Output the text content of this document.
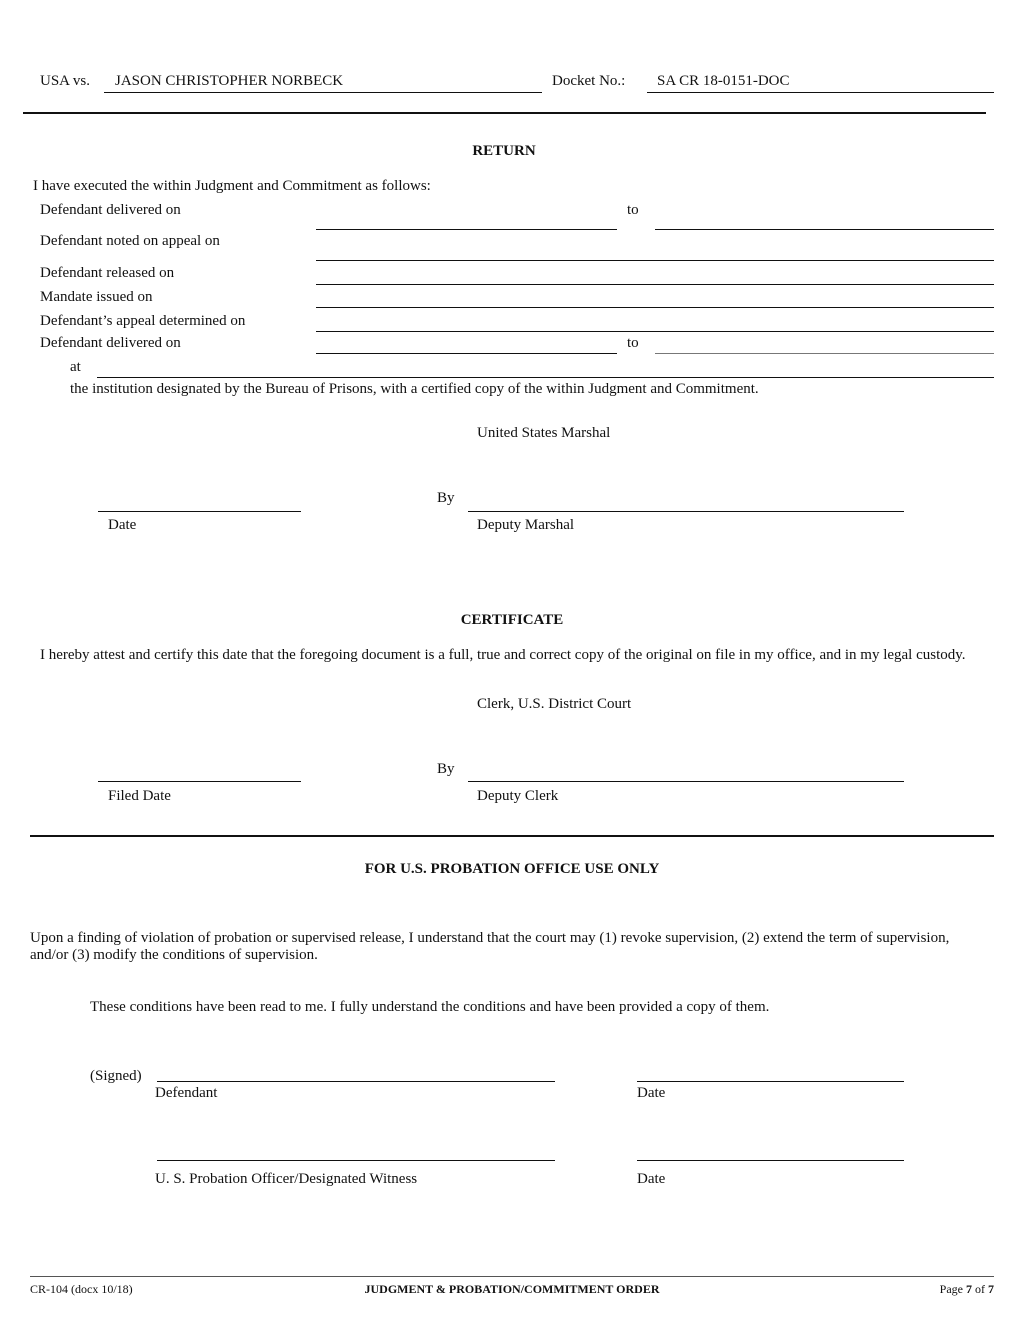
USA vs. JASON CHRISTOPHER NORBECK	Docket No.: SA CR 18-0151-DOC
RETURN
I have executed the within Judgment and Commitment as follows:
Defendant delivered on	to
Defendant noted on appeal on
Defendant released on
Mandate issued on
Defendant’s appeal determined on
Defendant delivered on	to
at
the institution designated by the Bureau of Prisons, with a certified copy of the within Judgment and Commitment.
United States Marshal
By
Date	Deputy Marshal
CERTIFICATE
I hereby attest and certify this date that the foregoing document is a full, true and correct copy of the original on file in my office, and in my legal custody.
Clerk, U.S. District Court
By
Filed Date	Deputy Clerk
FOR U.S. PROBATION OFFICE USE ONLY
Upon a finding of violation of probation or supervised release, I understand that the court may (1) revoke supervision, (2) extend the term of supervision, and/or (3) modify the conditions of supervision.
These conditions have been read to me. I fully understand the conditions and have been provided a copy of them.
(Signed)
Defendant	Date
U. S. Probation Officer/Designated Witness	Date
CR-104 (docx 10/18)	JUDGMENT & PROBATION/COMMITMENT ORDER	Page 7 of 7
